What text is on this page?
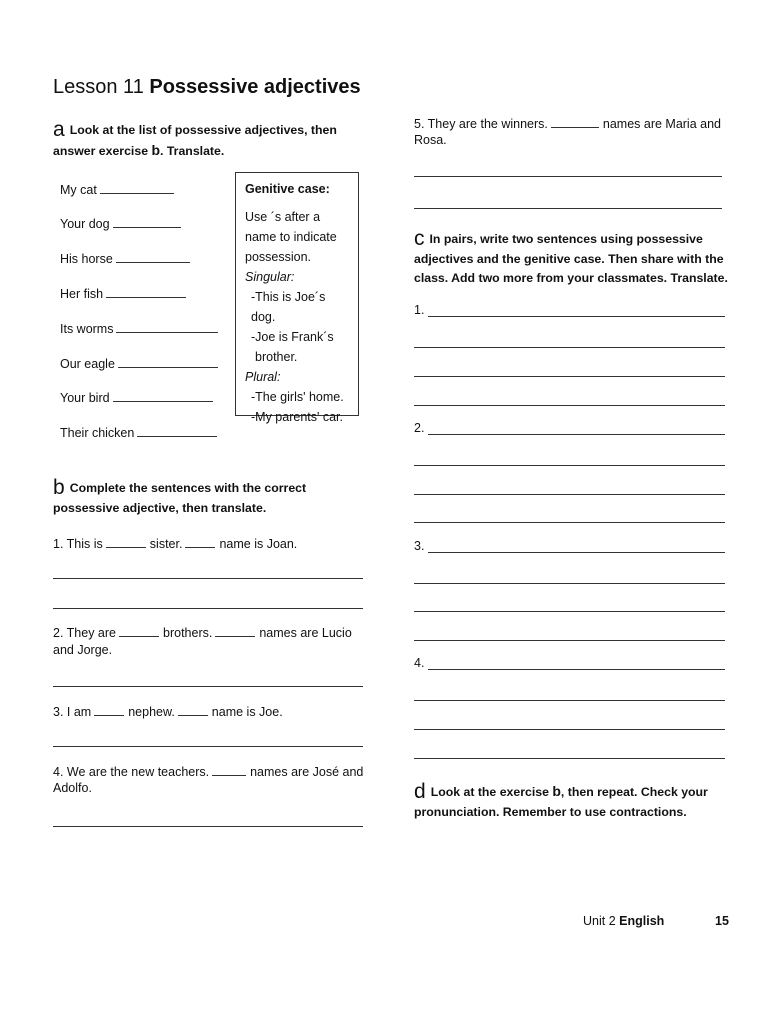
Lesson 11 Possessive adjectives
a Look at the list of possessive adjectives, then answer exercise b. Translate.
My cat
Your dog
His horse
Her fish
Its worms
Our eagle
Your bird
Their chicken
Genitive case:
Use ´s after a
name to indicate
possession.
Singular:
-This is Joe´s dog.
-Joe is Frank´s
brother.
Plural:
-The girls' home.
-My parents' car.
b Complete the sentences with the correct possessive adjective, then translate.
1. This is	sister.	name is Joan.
2. They are	brothers.	names are Lucio
and Jorge.
3. I am	nephew.	name is Joe.
4. We are the new teachers.	names are José and
Adolfo.
5. They are the winners.	names are Maria and
Rosa.
c In pairs, write two sentences using possessive adjectives and the genitive case. Then share with the class. Add two more from your classmates. Translate.
1.
2.
3.
4.
d Look at the exercise b, then repeat. Check your pronunciation. Remember to use contractions.
Unit 2 English	15
